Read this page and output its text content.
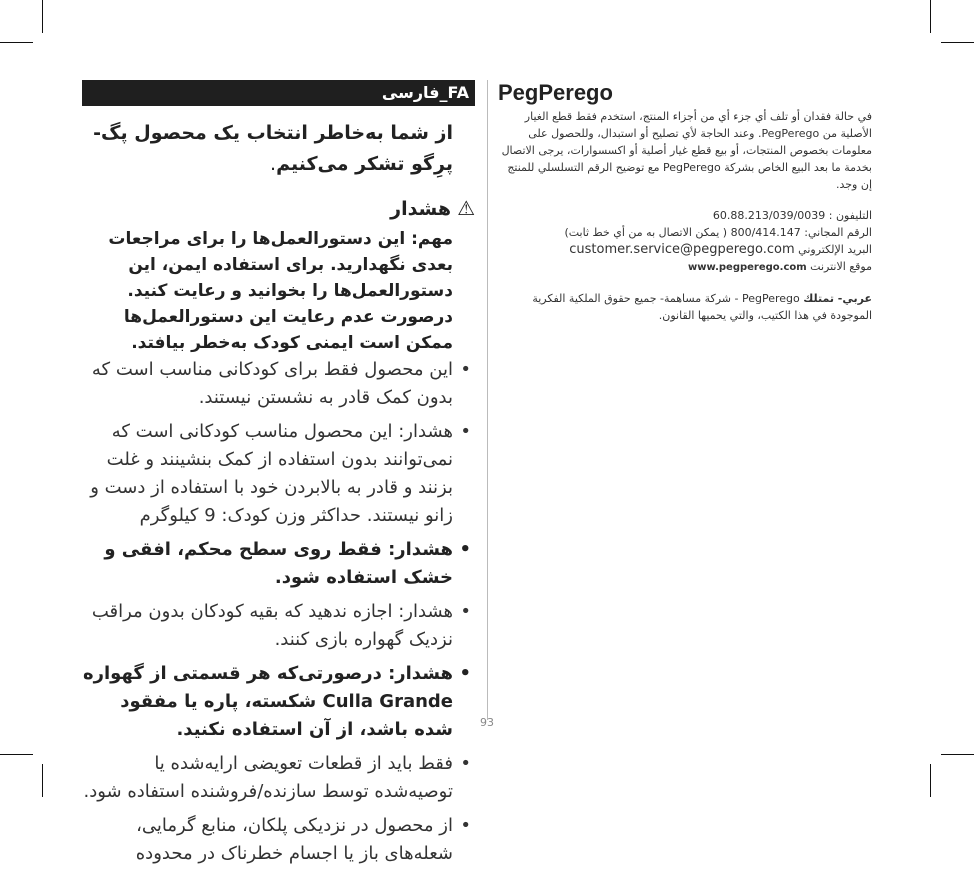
FA_فارسی
از شما به‌خاطر انتخاب یک محصول پگ-پرِگو تشکر می‌کنیم.
⚠هشدار
مهم: این دستورالعمل‌ها را برای مراجعات بعدی نگهدارید. برای استفاده ایمن، این دستورالعمل‌ها را بخوانید و رعایت کنید. درصورت عدم رعایت این دستورالعمل‌ها ممکن است ایمنی کودک به‌خطر بیافتد.
•
این محصول فقط برای کودکانی مناسب است که بدون کمک قادر به نشستن نیستند.
•
هشدار: این محصول مناسب کودکانی است که نمی‌توانند بدون استفاده از کمک بنشینند و غلت بزنند و قادر به بالابردن خود با استفاده از دست و زانو نیستند. حداکثر وزن کودک: 9 کیلوگرم
•
هشدار: فقط روی سطح محکم، افقی و خشک استفاده شود.
•
هشدار: اجازه ندهید که بقیه کودکان بدون مراقب نزدیک گهواره بازی کنند.
•
هشدار: درصورتی‌که هر قسمتی از گهواره Culla Grande شکسته، پاره یا مفقود شده باشد، از آن استفاده نکنید.
•
فقط باید از قطعات تعویضی ارایه‌شده یا توصیه‌شده توسط سازنده/فروشنده استفاده شود.
•
از محصول در نزدیکی پلکان، منابع گرمایی، شعله‌های باز یا اجسام خطرناک در محدوده
PegPerego

في حالة فقدان أو تلف أي جزء أي من أجزاء المنتج، استخدم فقط قطع الغيار الأصلية من PegPerego. وعند الحاجة لأي تصليح أو استبدال، وللحصول على معلومات بخصوص المنتجات، أو بيع قطع غيار أصلية أو اكسسوارات، يرجى الاتصال بخدمة ما بعد البيع الخاص بشركة PegPerego مع توضيح الرقم التسلسلي للمنتج إن وجد.

التليفون : 60.88.213/039/0039
الرقم المجاني: 800/414.147 ( يمكن الاتصال به من أي خط ثابت)
البريد الإلكتروني customer.service@pegperego.com
موقع الانترنت www.pegperego.com
عربي- تمتلك PegPerego - شركة مساهمة- جميع حقوق الملكية الفكرية الموجودة في هذا الكتيب، والتي يحميها القانون.
93
